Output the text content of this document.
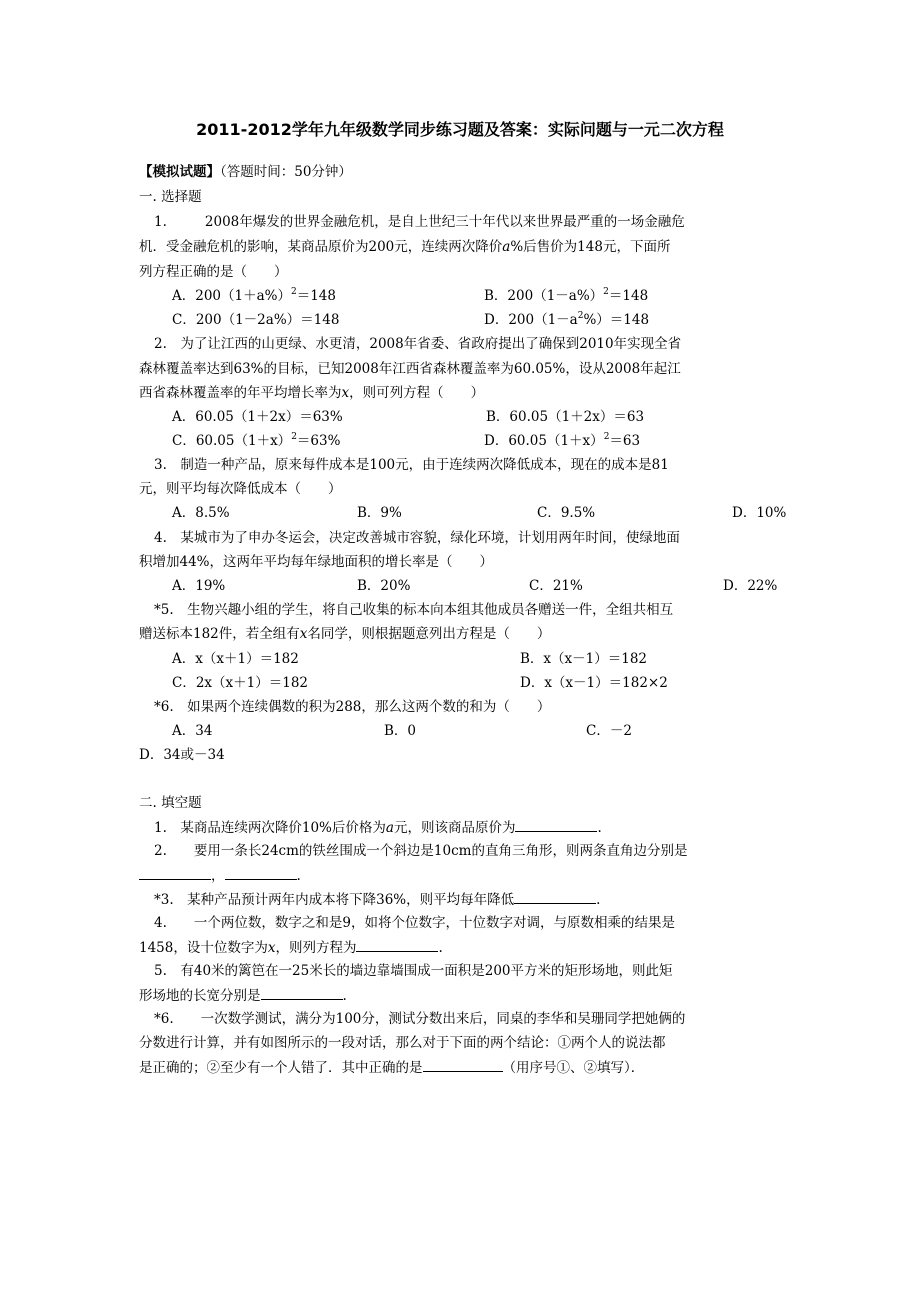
2011-2012学年九年级数学同步练习题及答案：实际问题与一元二次方程
【模拟试题】（答题时间：50分钟）
一. 选择题
1.	2008年爆发的世界金融危机，是自上世纪三十年代以来世界最严重的一场金融危
机．受金融危机的影响，某商品原价为200元，连续两次降价a%后售价为148元，下面所
列方程正确的是（　　）
A．$200(1+a\%)^2=148$	B．$200(1-a\%)^2=148$
C．200（1－2a%）＝148	D．$200(1-a^2\%)=148$
2.　为了让江西的山更绿、水更清，2008年省委、省政府提出了确保到2010年实现全省
森林覆盖率达到63%的目标，已知2008年江西省森林覆盖率为60.05%，设从2008年起江
西省森林覆盖率的年平均增长率为x，则可列方程（　　）
A．60.05（1＋2x）＝63%	B．60.05（1＋2x）＝63
C．$60.05(1+x)^2=63\%$	D．$60.05(1+x)^2=63$
3.　制造一种产品，原来每件成本是100元，由于连续两次降低成本，现在的成本是81
元，则平均每次降低成本（　　）
A．8.5%	B．9%	C．9.5%	D．10%
4.　某城市为了申办冬运会，决定改善城市容貌，绿化环境，计划用两年时间，使绿地面
积增加44%，这两年平均每年绿地面积的增长率是（　　）
A．19%	B．20%	C．21%	D．22%
*5.　生物兴趣小组的学生，将自己收集的标本向本组其他成员各赠送一件，全组共相互
赠送标本182件，若全组有x名同学，则根据题意列出方程是（　　）
A．x（x＋1）＝182	B．x（x－1）＝182
C．2x（x＋1）＝182	D．x（x－1）＝182×2
*6.　如果两个连续偶数的积为288，那么这两个数的和为（　　）
A．34	B．0	C．－2
D．34或－34
二. 填空题
1.　某商品连续两次降价10%后价格为a元，则该商品原价为	.
2.　　要用一条长24cm的铁丝围成一个斜边是10cm的直角三角形，则两条直角边分别是
，	.
*3.　某种产品预计两年内成本将下降36%，则平均每年降低	.
4.　　一个两位数，数字之和是9，如将个位数字，十位数字对调，与原数相乘的结果是
1458，设十位数字为x，则列方程为	.
5.　有40米的篱笆在一25米长的墙边靠墙围成一面积是200平方米的矩形场地，则此矩
形场地的长宽分别是	.
*6.　　一次数学测试，满分为100分，测试分数出来后，同桌的李华和吴珊同学把她俩的
分数进行计算，并有如图所示的一段对话，那么对于下面的两个结论：①两个人的说法都
是正确的；②至少有一个人错了．其中正确的是	（用序号①、②填写）．
